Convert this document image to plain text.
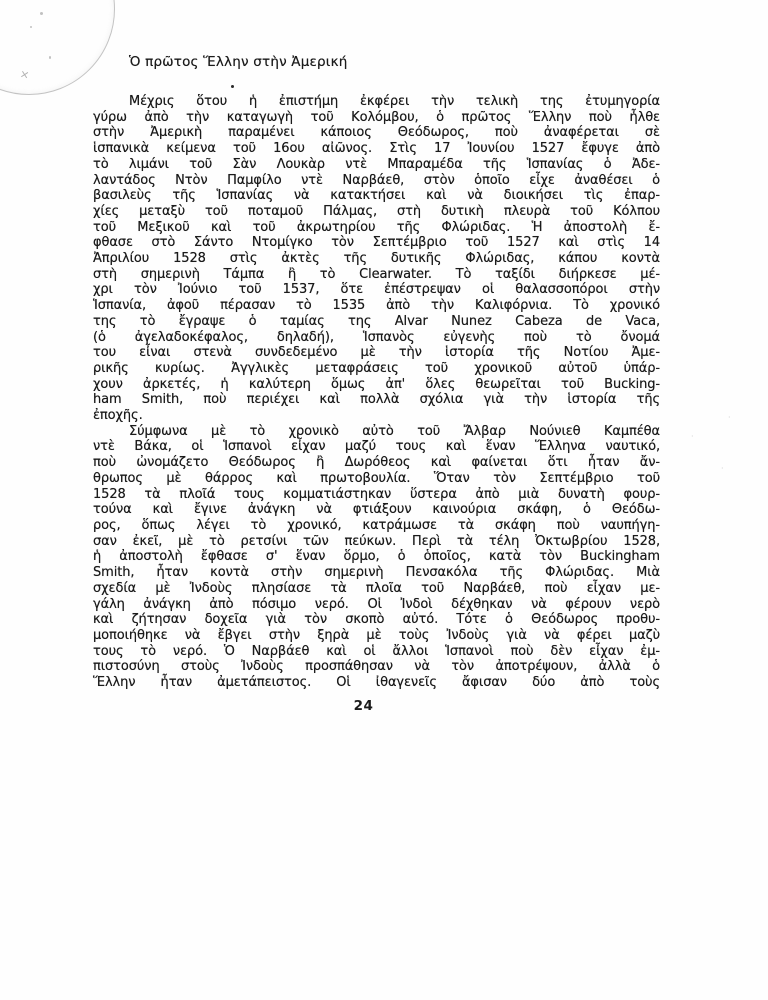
×
Ὁ πρῶτος Ἕλλην στὴν Ἀμερική
Μέχρις ὅτου ἡ ἐπιστήμη ἐκφέρει τὴν τελικὴ της ἐτυμηγορία
γύρω ἀπὸ τὴν καταγωγὴ τοῦ Κολόμβου, ὁ πρῶτος Ἕλλην ποὺ ἦλθε
στὴν Ἀμερικὴ παραμένει κάποιος Θεόδωρος, ποὺ ἀναφέρεται σὲ
ἱσπανικὰ κείμενα τοῦ 16ου αἰῶνος. Στὶς 17 Ἰουνίου 1527 ἔφυγε ἀπὸ
τὸ λιμάνι τοῦ Σὰν Λουκὰρ ντὲ Μπαραμέδα τῆς Ἱσπανίας ὁ Ἀδε-
λαντάδος Ντὸν Παμφίλο ντὲ Ναρβάεθ, στὸν ὁποῖο εἶχε ἀναθέσει ὁ
βασιλεὺς τῆς Ἱσπανίας νὰ κατακτήσει καὶ νὰ διοικήσει τὶς ἐπαρ-
χίες μεταξὺ τοῦ ποταμοῦ Πάλμας, στὴ δυτικὴ πλευρὰ τοῦ Κόλπου
τοῦ Μεξικοῦ καὶ τοῦ ἀκρωτηρίου τῆς Φλώριδας. Ἡ ἀποστολὴ ἔ-
φθασε στὸ Σάντο Ντομίγκο τὸν Σεπτέμβριο τοῦ 1527 καὶ στὶς 14
Ἀπριλίου 1528 στὶς ἀκτὲς τῆς δυτικῆς Φλώριδας, κάπου κοντὰ
στὴ σημερινὴ Τάμπα ἢ τὸ Clearwater. Τὸ ταξίδι διήρκεσε μέ-
χρι τὸν Ἰούνιο τοῦ 1537, ὅτε ἐπέστρεψαν οἱ θαλασσοπόροι στὴν
Ἱσπανία, ἀφοῦ πέρασαν τὸ 1535 ἀπὸ τὴν Καλιφόρνια. Τὸ χρονικό
της τὸ ἔγραψε ὁ ταμίας της Alvar Nunez Cabeza de Vaca,
(ὁ ἀγελαδοκέφαλος, δηλαδή), Ἱσπανὸς εὐγενὴς ποὺ τὸ ὄνομά
του εἶναι στενὰ συνδεδεμένο μὲ τὴν ἱστορία τῆς Νοτίου Ἀμε-
ρικῆς κυρίως. Ἀγγλικὲς μεταφράσεις τοῦ χρονικοῦ αὐτοῦ ὑπάρ-
χουν ἀρκετές, ἡ καλύτερη ὅμως ἀπ' ὅλες θεωρεῖται τοῦ Bucking-
ham Smith, ποὺ περιέχει καὶ πολλὰ σχόλια γιὰ τὴν ἱστορία τῆς
ἐποχῆς.
Σύμφωνα μὲ τὸ χρονικὸ αὐτὸ τοῦ Ἄλβαρ Νούνιεθ Καμπέθα
ντὲ Βάκα, οἱ Ἱσπανοὶ εἶχαν μαζύ τους καὶ ἕναν Ἕλληνα ναυτικό,
ποὺ ὠνομάζετο Θεόδωρος ἢ Δωρόθεος καὶ φαίνεται ὅτι ἦταν ἄν-
θρωπος μὲ θάρρος καὶ πρωτοβουλία. Ὅταν τὸν Σεπτέμβριο τοῦ
1528 τὰ πλοῖά τους κομματιάστηκαν ὕστερα ἀπὸ μιὰ δυνατὴ φουρ-
τούνα καὶ ἔγινε ἀνάγκη νὰ φτιάξουν καινούρια σκάφη, ὁ Θεόδω-
ρος, ὅπως λέγει τὸ χρονικό, κατράμωσε τὰ σκάφη ποὺ ναυπήγη-
σαν ἐκεῖ, μὲ τὸ ρετσίνι τῶν πεύκων. Περὶ τὰ τέλη Ὀκτωβρίου 1528,
ἡ ἀποστολὴ ἔφθασε σ' ἕναν ὅρμο, ὁ ὁποῖος, κατὰ τὸν Buckingham
Smith, ἦταν κοντὰ στὴν σημερινὴ Πενσακόλα τῆς Φλώριδας. Μιὰ
σχεδία μὲ Ἰνδοὺς πλησίασε τὰ πλοῖα τοῦ Ναρβάεθ, ποὺ εἶχαν με-
γάλη ἀνάγκη ἀπὸ πόσιμο νερό. Οἱ Ἰνδοὶ δέχθηκαν νὰ φέρουν νερὸ
καὶ ζήτησαν δοχεῖα γιὰ τὸν σκοπὸ αὐτό. Τότε ὁ Θεόδωρος προθυ-
μοποιήθηκε νὰ ἔβγει στὴν ξηρὰ μὲ τοὺς Ἰνδοὺς γιὰ νὰ φέρει μαζὺ
τους τὸ νερό. Ὁ Ναρβάεθ καὶ οἱ ἄλλοι Ἱσπανοὶ ποὺ δὲν εἶχαν ἐμ-
πιστοσύνη στοὺς Ἰνδοὺς προσπάθησαν νὰ τὸν ἀποτρέψουν, ἀλλὰ ὁ
Ἕλλην ἦταν ἀμετάπειστος. Οἱ ἰθαγενεῖς ἄφισαν δύο ἀπὸ τοὺς
24
·
·
·
